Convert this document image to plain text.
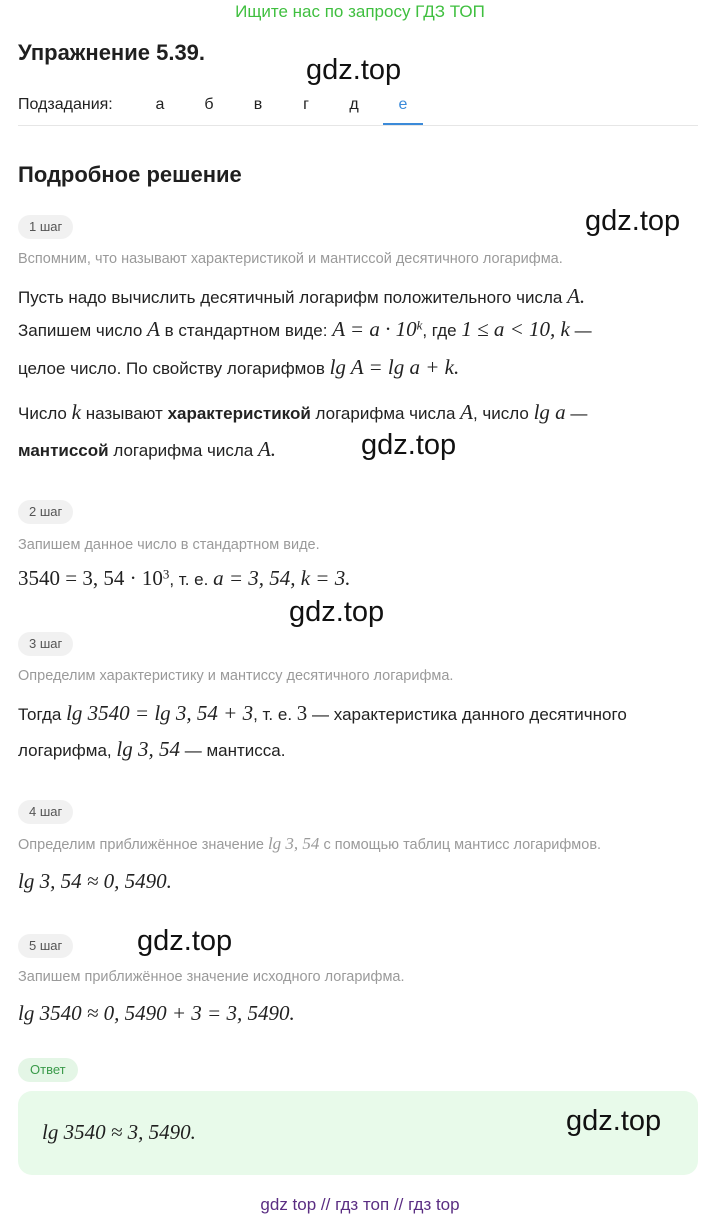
Ищите нас по запросу ГДЗ ТОП
Упражнение 5.39.
gdz.top
Подзадания:	а	б	в	г	д	е
Подробное решение
1 шаг	gdz.top
Вспомним, что называют характеристикой и мантиссой десятичного логарифма.
Пусть надо вычислить десятичный логарифм положительного числа A.
Запишем число A в стандартном виде: $A = a \cdot 10^k$, где 1 ≤ a < 10, k —
целое число. По свойству логарифмов lg A = lg a + k.
Число k называют характеристикой логарифма числа A, число lg a —
мантиссой логарифма числа A.	gdz.top
2 шаг
Запишем данное число в стандартном виде.
3540 = 3, $54 \cdot 10^3$, т. е. a = 3, 54, k = 3.
gdz.top
3 шаг
Определим характеристику и мантиссу десятичного логарифма.
Тогда lg 3540 = lg 3, 54 + 3, т. е. 3 — характеристика данного десятичного
логарифма, lg 3, 54 — мантисса.
4 шаг
Определим приближённое значение lg 3, 54 с помощью таблиц мантисс логарифмов.
lg 3, 54 ≈ 0, 5490.
5 шаг	gdz.top
Запишем приближённое значение исходного логарифма.
lg 3540 ≈ 0, 5490 + 3 = 3, 5490.
Ответ
lg 3540 ≈ 3, 5490.	gdz.top
gdz top // гдз топ // гдз top
